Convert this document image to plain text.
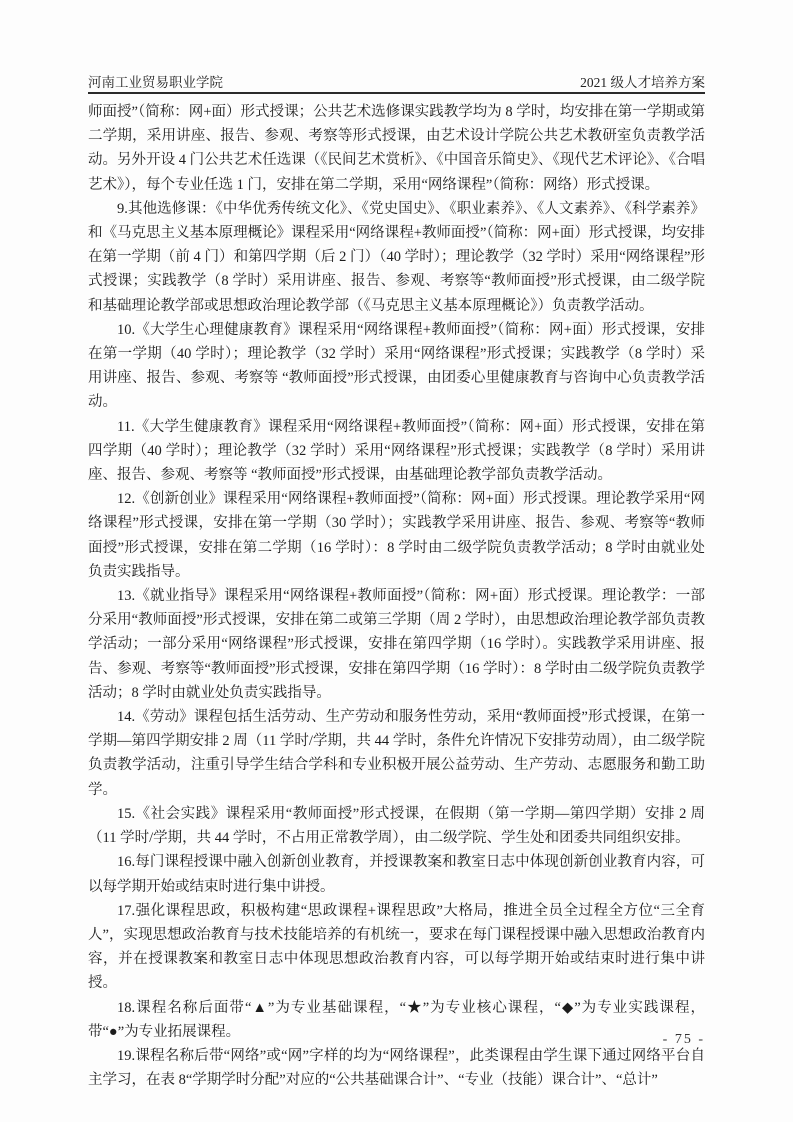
河南工业贸易职业学院	2021 级人才培养方案

师面授”（简称：网+面）形式授课；公共艺术选修课实践教学均为 8 学时，均安排在第一学期或第二学期，采用讲座、报告、参观、考察等形式授课，由艺术设计学院公共艺术教研室负责教学活动。另外开设 4 门公共艺术任选课（《民间艺术赏析》、《中国音乐简史》、《现代艺术评论》、《合唱艺术》），每个专业任选 1 门，安排在第二学期，采用“网络课程”（简称：网络）形式授课。

9.其他选修课：《中华优秀传统文化》、《党史国史》、《职业素养》、《人文素养》、《科学素养》和《马克思主义基本原理概论》课程采用“网络课程+教师面授”（简称：网+面）形式授课，均安排在第一学期（前 4 门）和第四学期（后 2 门）（40 学时）；理论教学（32 学时）采用“网络课程”形式授课；实践教学（8 学时）采用讲座、报告、参观、考察等“教师面授”形式授课，由二级学院和基础理论教学部或思想政治理论教学部（《马克思主义基本原理概论》）负责教学活动。

10.《大学生心理健康教育》课程采用“网络课程+教师面授”（简称：网+面）形式授课，安排在第一学期（40 学时）；理论教学（32 学时）采用“网络课程”形式授课；实践教学（8 学时）采用讲座、报告、参观、考察等 “教师面授”形式授课，由团委心里健康教育与咨询中心负责教学活动。

11.《大学生健康教育》课程采用“网络课程+教师面授”（简称：网+面）形式授课，安排在第四学期（40 学时）；理论教学（32 学时）采用“网络课程”形式授课；实践教学（8 学时）采用讲座、报告、参观、考察等 “教师面授”形式授课，由基础理论教学部负责教学活动。

12.《创新创业》课程采用“网络课程+教师面授”（简称：网+面）形式授课。理论教学采用“网络课程”形式授课，安排在第一学期（30 学时）；实践教学采用讲座、报告、参观、考察等“教师面授”形式授课，安排在第二学期（16 学时）：8 学时由二级学院负责教学活动；8 学时由就业处负责实践指导。

13.《就业指导》课程采用“网络课程+教师面授”（简称：网+面）形式授课。理论教学：一部分采用“教师面授”形式授课，安排在第二或第三学期（周 2 学时），由思想政治理论教学部负责教学活动；一部分采用“网络课程”形式授课，安排在第四学期（16 学时）。实践教学采用讲座、报告、参观、考察等“教师面授”形式授课，安排在第四学期（16 学时）：8 学时由二级学院负责教学活动；8 学时由就业处负责实践指导。

14.《劳动》课程包括生活劳动、生产劳动和服务性劳动，采用“教师面授”形式授课，在第一学期—第四学期安排 2 周（11 学时/学期，共 44 学时，条件允许情况下安排劳动周），由二级学院负责教学活动，注重引导学生结合学科和专业积极开展公益劳动、生产劳动、志愿服务和勤工助学。

15.《社会实践》课程采用“教师面授”形式授课，在假期（第一学期—第四学期）安排 2 周（11 学时/学期，共 44 学时，不占用正常教学周），由二级学院、学生处和团委共同组织安排。

16.每门课程授课中融入创新创业教育，并授课教案和教室日志中体现创新创业教育内容，可以每学期开始或结束时进行集中讲授。

17.强化课程思政，积极构建“思政课程+课程思政”大格局，推进全员全过程全方位“三全育人”，实现思想政治教育与技术技能培养的有机统一，要求在每门课程授课中融入思想政治教育内容，并在授课教案和教室日志中体现思想政治教育内容，可以每学期开始或结束时进行集中讲授。

18.课程名称后面带“▲”为专业基础课程，“★”为专业核心课程，“◆”为专业实践课程，带“●”为专业拓展课程。

19.课程名称后带“网络”或“网”字样的均为“网络课程”，此类课程由学生课下通过网络平台自主学习，在表 8“学期学时分配”对应的“公共基础课合计”、“专业（技能）课合计”、“总计”

- 75 -
